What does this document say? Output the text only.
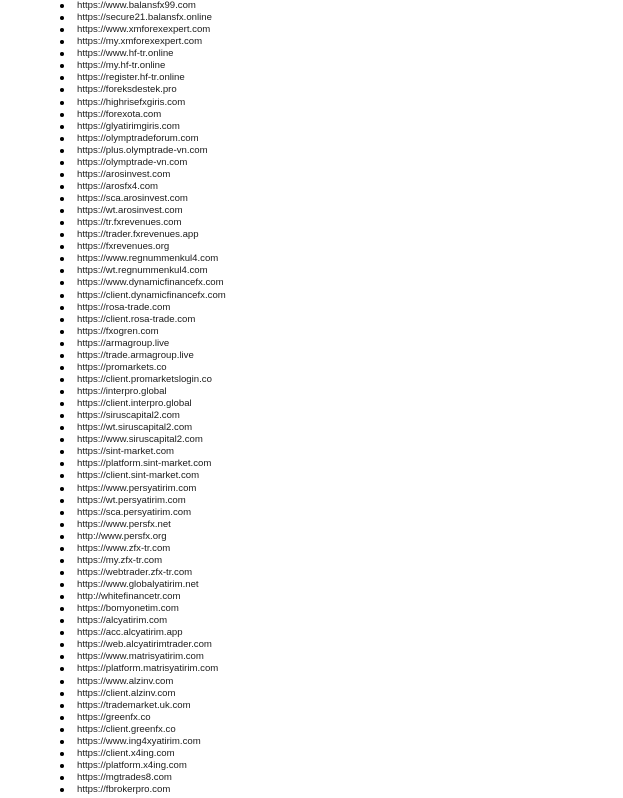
https://www.balansfx99.com
https://secure21.balansfx.online
https://www.xmforexexpert.com
https://my.xmforexexpert.com
https://www.hf-tr.online
https://my.hf-tr.online
https://register.hf-tr.online
https://foreksdestek.pro
https://highrisefxgiris.com
https://forexota.com
https://glyatirimgiris.com
https://olymptradeforum.com
https://plus.olymptrade-vn.com
https://olymptrade-vn.com
https://arosinvest.com
https://arosfx4.com
https://sca.arosinvest.com
https://wt.arosinvest.com
https://tr.fxrevenues.com
https://trader.fxrevenues.app
https://fxrevenues.org
https://www.regnummenkul4.com
https://wt.regnummenkul4.com
https://www.dynamicfinancefx.com
https://client.dynamicfinancefx.com
https://rosa-trade.com
https://client.rosa-trade.com
https://fxogren.com
https://armagroup.live
https://trade.armagroup.live
https://promarkets.co
https://client.promarketslogin.co
https://interpro.global
https://client.interpro.global
https://siruscapital2.com
https://wt.siruscapital2.com
https://www.siruscapital2.com
https://sint-market.com
https://platform.sint-market.com
https://client.sint-market.com
https://www.persyatirim.com
https://wt.persyatirim.com
https://sca.persyatirim.com
https://www.persfx.net
http://www.persfx.org
https://www.zfx-tr.com
https://my.zfx-tr.com
https://webtrader.zfx-tr.com
https://www.globalyatirim.net
http://whitefinancetr.com
https://bomyonetim.com
https://alcyatirim.com
https://acc.alcyatirim.app
https://web.alcyatirimtrader.com
https://www.matrisyatirim.com
https://platform.matrisyatirim.com
https://www.alzinv.com
https://client.alzinv.com
https://trademarket.uk.com
https://greenfx.co
https://client.greenfx.co
https://www.ing4xyatirim.com
https://client.x4ing.com
https://platform.x4ing.com
https://mgtrades8.com
https://fbrokerpro.com
